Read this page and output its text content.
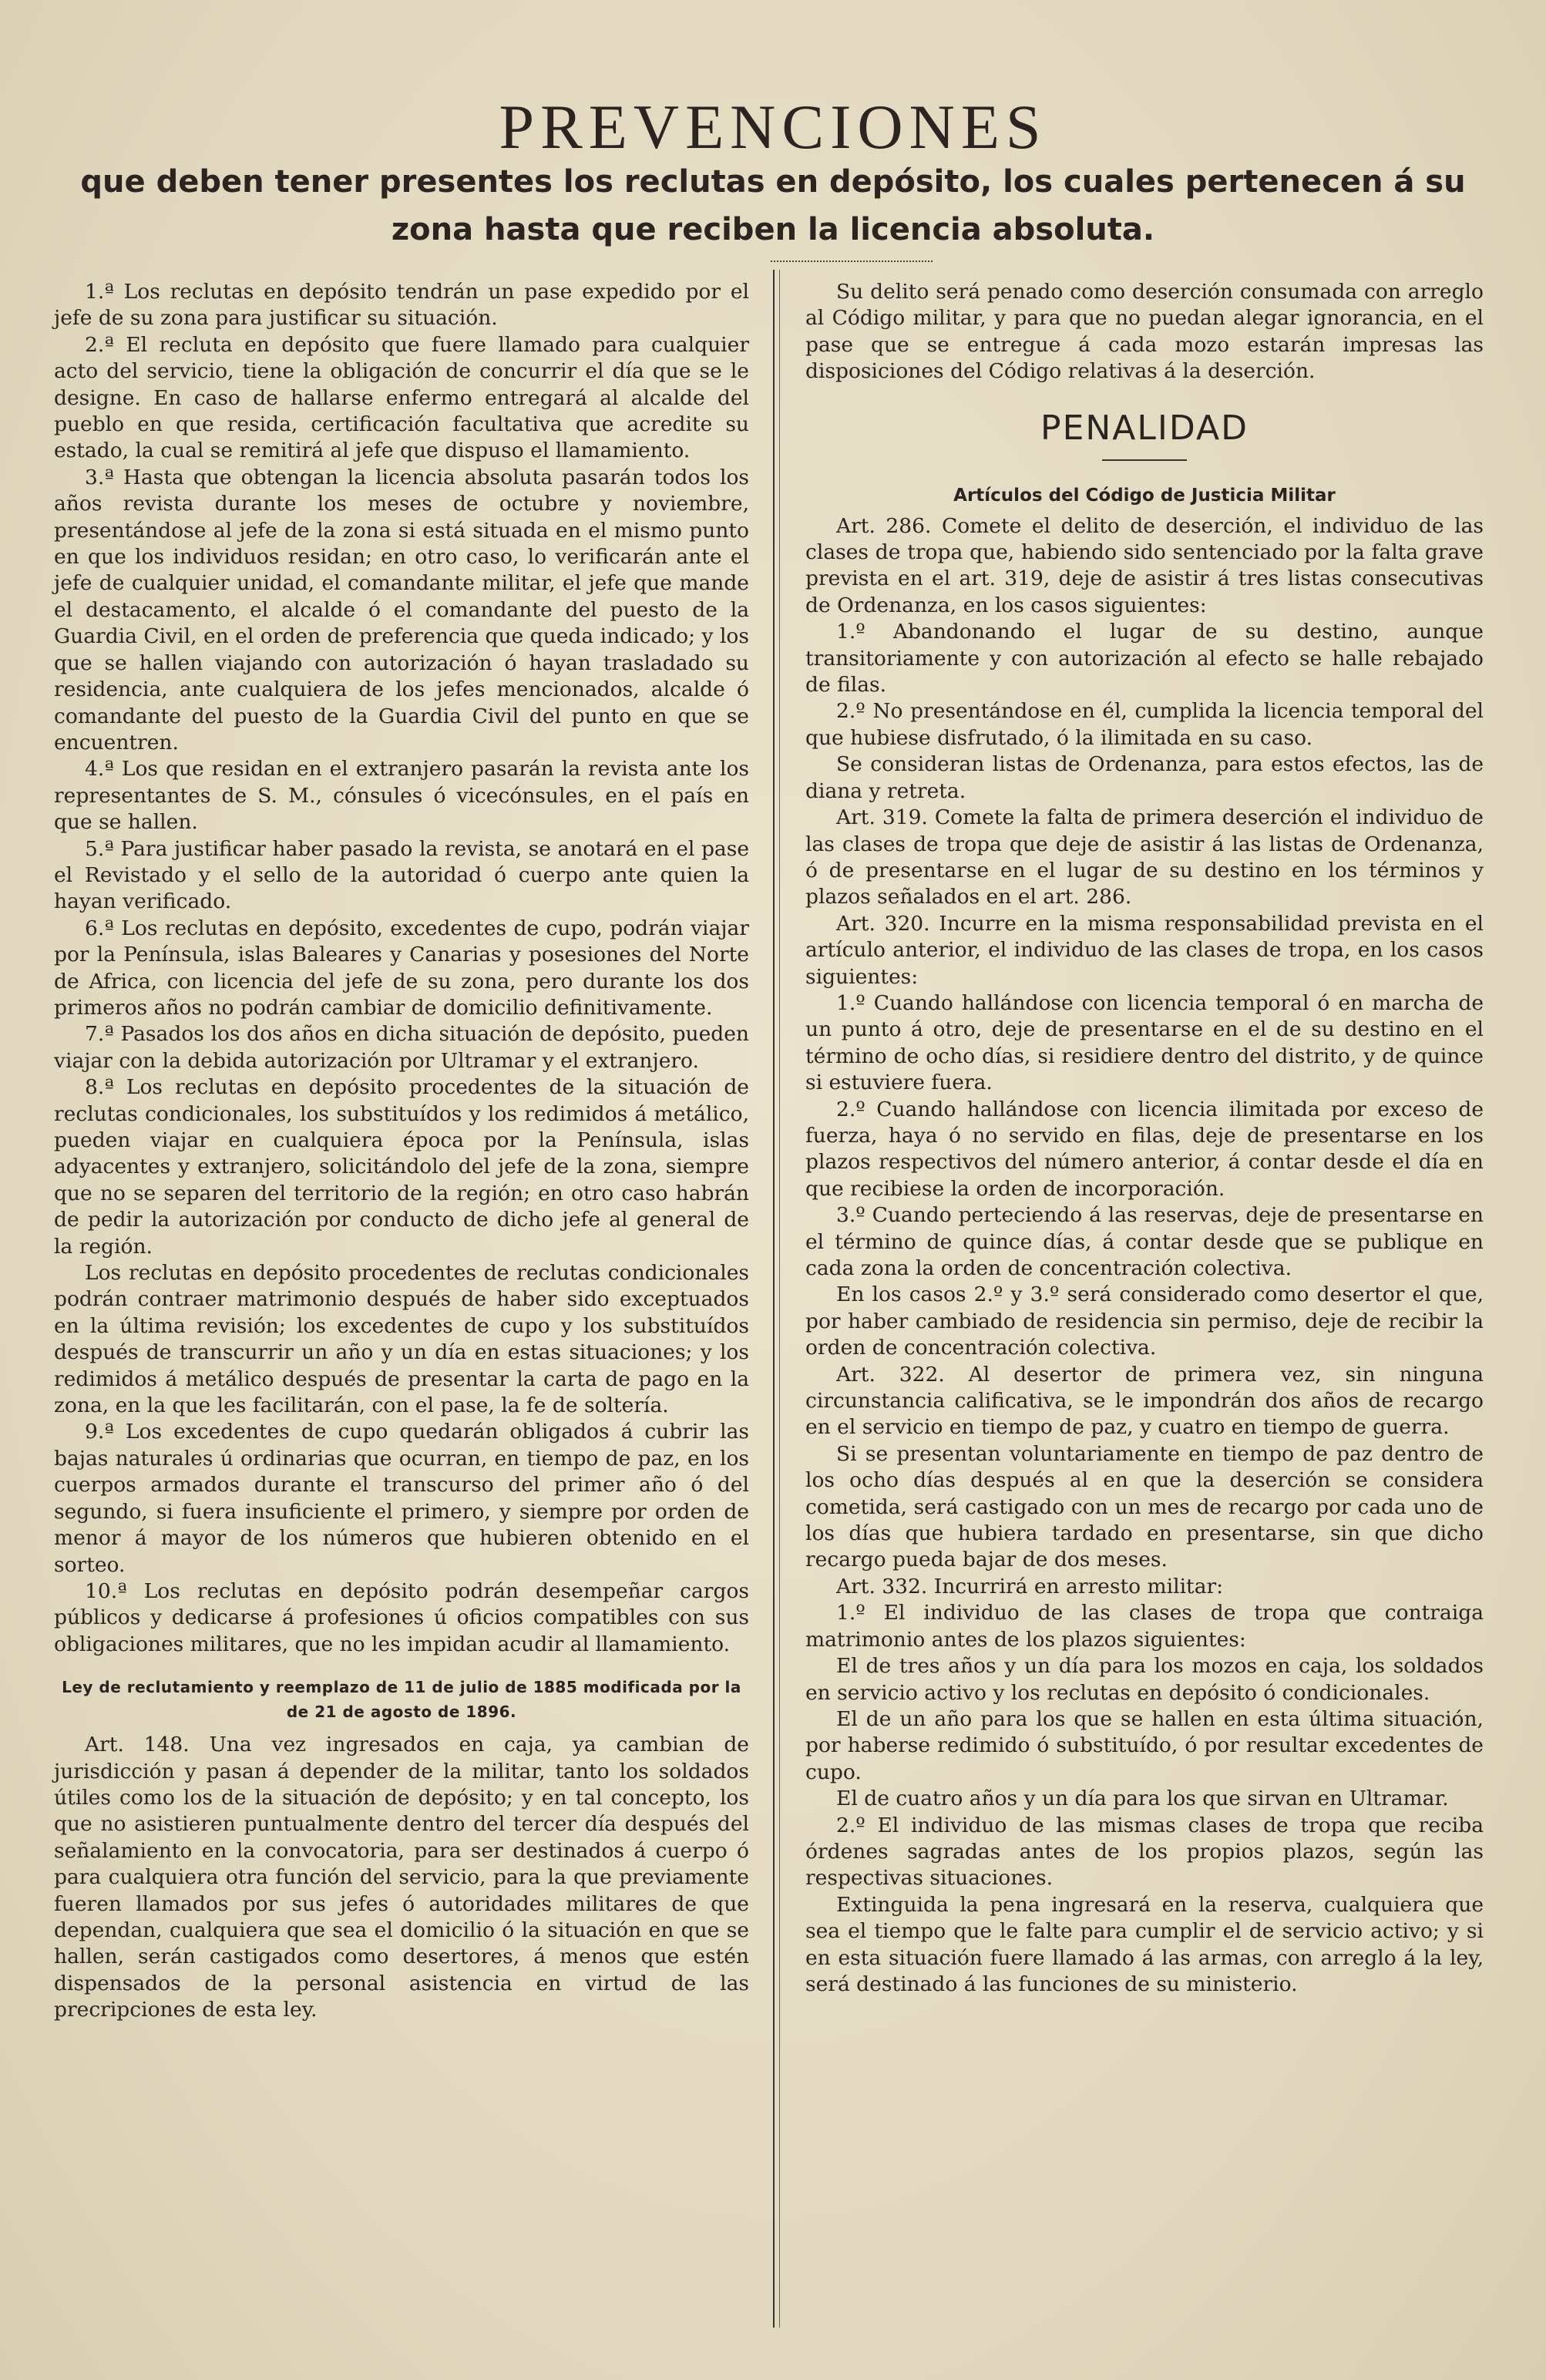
PREVENCIONES
que deben tener presentes los reclutas en depósito, los cuales pertenecen á su zona hasta que reciben la licencia absoluta.

1.ª Los reclutas en depósito tendrán un pase expedido por el jefe de su zona para justificar su situación.

2.ª El recluta en depósito que fuere llamado para cualquier acto del servicio, tiene la obligación de concurrir el día que se le designe. En caso de hallarse enfermo entregará al alcalde del pueblo en que resida, certificación facultativa que acredite su estado, la cual se remitirá al jefe que dispuso el llamamiento.

3.ª Hasta que obtengan la licencia absoluta pasarán todos los años revista durante los meses de octubre y noviembre, presentándose al jefe de la zona si está situada en el mismo punto en que los individuos residan; en otro caso, lo verificarán ante el jefe de cualquier unidad, el comandante militar, el jefe que mande el destacamento, el alcalde ó el comandante del puesto de la Guardia Civil, en el orden de preferencia que queda indicado; y los que se hallen viajando con autorización ó hayan trasladado su residencia, ante cualquiera de los jefes mencionados, alcalde ó comandante del puesto de la Guardia Civil del punto en que se encuentren.

4.ª Los que residan en el extranjero pasarán la revista ante los representantes de S. M., cónsules ó vicecónsules, en el país en que se hallen.

5.ª Para justificar haber pasado la revista, se anotará en el pase el Revistado y el sello de la autoridad ó cuerpo ante quien la hayan verificado.

6.ª Los reclutas en depósito, excedentes de cupo, podrán viajar por la Península, islas Baleares y Canarias y posesiones del Norte de Africa, con licencia del jefe de su zona, pero durante los dos primeros años no podrán cambiar de domicilio definitivamente.

7.ª Pasados los dos años en dicha situación de depósito, pueden viajar con la debida autorización por Ultramar y el extranjero.

8.ª Los reclutas en depósito procedentes de la situación de reclutas condicionales, los substituídos y los redimidos á metálico, pueden viajar en cualquiera época por la Península, islas adyacentes y extranjero, solicitándolo del jefe de la zona, siempre que no se separen del territorio de la región; en otro caso habrán de pedir la autorización por conducto de dicho jefe al general de la región.

Los reclutas en depósito procedentes de reclutas condicionales podrán contraer matrimonio después de haber sido exceptuados en la última revisión; los excedentes de cupo y los substituídos después de transcurrir un año y un día en estas situaciones; y los redimidos á metálico después de presentar la carta de pago en la zona, en la que les facilitarán, con el pase, la fe de soltería.

9.ª Los excedentes de cupo quedarán obligados á cubrir las bajas naturales ú ordinarias que ocurran, en tiempo de paz, en los cuerpos armados durante el transcurso del primer año ó del segundo, si fuera insuficiente el primero, y siempre por orden de menor á mayor de los números que hubieren obtenido en el sorteo.

10.ª Los reclutas en depósito podrán desempeñar cargos públicos y dedicarse á profesiones ú oficios compatibles con sus obligaciones militares, que no les impidan acudir al llamamiento.

Ley de reclutamiento y reemplazo de 11 de julio de 1885 modificada por la de 21 de agosto de 1896.

Art. 148. Una vez ingresados en caja, ya cambian de jurisdicción y pasan á depender de la militar, tanto los soldados útiles como los de la situación de depósito; y en tal concepto, los que no asistieren puntualmente dentro del tercer día después del señalamiento en la convocatoria, para ser destinados á cuerpo ó para cualquiera otra función del servicio, para la que previamente fueren llamados por sus jefes ó autoridades militares de que dependan, cualquiera que sea el domicilio ó la situación en que se hallen, serán castigados como desertores, á menos que estén dispensados de la personal asistencia en virtud de las precripciones de esta ley.

Su delito será penado como deserción consumada con arreglo al Código militar, y para que no puedan alegar ignorancia, en el pase que se entregue á cada mozo estarán impresas las disposiciones del Código relativas á la deserción.

PENALIDAD

Artículos del Código de Justicia Militar

Art. 286. Comete el delito de deserción, el individuo de las clases de tropa que, habiendo sido sentenciado por la falta grave prevista en el art. 319, deje de asistir á tres listas consecutivas de Ordenanza, en los casos siguientes:

1.º Abandonando el lugar de su destino, aunque transitoriamente y con autorización al efecto se halle rebajado de filas.

2.º No presentándose en él, cumplida la licencia temporal del que hubiese disfrutado, ó la ilimitada en su caso.

Se consideran listas de Ordenanza, para estos efectos, las de diana y retreta.

Art. 319. Comete la falta de primera deserción el individuo de las clases de tropa que deje de asistir á las listas de Ordenanza, ó de presentarse en el lugar de su destino en los términos y plazos señalados en el art. 286.

Art. 320. Incurre en la misma responsabilidad prevista en el artículo anterior, el individuo de las clases de tropa, en los casos siguientes:

1.º Cuando hallándose con licencia temporal ó en marcha de un punto á otro, deje de presentarse en el de su destino en el término de ocho días, si residiere dentro del distrito, y de quince si estuviere fuera.

2.º Cuando hallándose con licencia ilimitada por exceso de fuerza, haya ó no servido en filas, deje de presentarse en los plazos respectivos del número anterior, á contar desde el día en que recibiese la orden de incorporación.

3.º Cuando perteciendo á las reservas, deje de presentarse en el término de quince días, á contar desde que se publique en cada zona la orden de concentración colectiva.

En los casos 2.º y 3.º será considerado como desertor el que, por haber cambiado de residencia sin permiso, deje de recibir la orden de concentración colectiva.

Art. 322. Al desertor de primera vez, sin ninguna circunstancia calificativa, se le impondrán dos años de recargo en el servicio en tiempo de paz, y cuatro en tiempo de guerra.

Si se presentan voluntariamente en tiempo de paz dentro de los ocho días después al en que la deserción se considera cometida, será castigado con un mes de recargo por cada uno de los días que hubiera tardado en presentarse, sin que dicho recargo pueda bajar de dos meses.

Art. 332. Incurrirá en arresto militar:

1.º El individuo de las clases de tropa que contraiga matrimonio antes de los plazos siguientes:

El de tres años y un día para los mozos en caja, los soldados en servicio activo y los reclutas en depósito ó condicionales.

El de un año para los que se hallen en esta última situación, por haberse redimido ó substituído, ó por resultar excedentes de cupo.

El de cuatro años y un día para los que sirvan en Ultramar.

2.º El individuo de las mismas clases de tropa que reciba órdenes sagradas antes de los propios plazos, según las respectivas situaciones.

Extinguida la pena ingresará en la reserva, cualquiera que sea el tiempo que le falte para cumplir el de servicio activo; y si en esta situación fuere llamado á las armas, con arreglo á la ley, será destinado á las funciones de su ministerio.
